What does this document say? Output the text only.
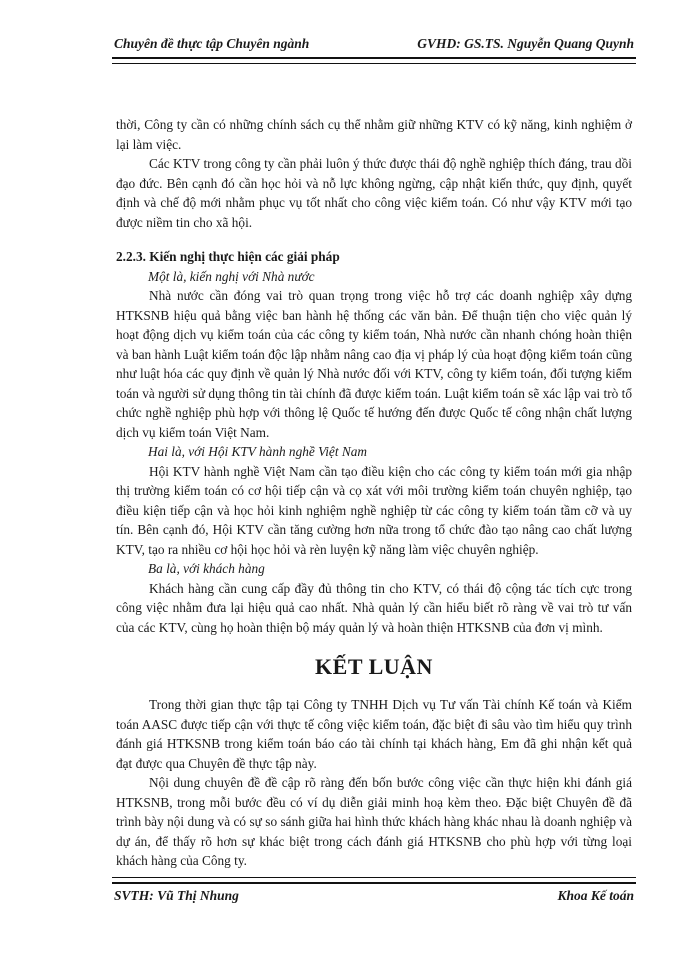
Chuyên đề thực tập Chuyên ngành	GVHD: GS.TS. Nguyễn Quang Quynh

thời, Công ty cần có những chính sách cụ thể nhằm giữ những KTV có kỹ năng, kinh nghiệm ở lại làm việc.

Các KTV trong công ty cần phải luôn ý thức được thái độ nghề nghiệp thích đáng, trau dồi đạo đức. Bên cạnh đó cần học hỏi và nỗ lực không ngừng, cập nhật kiến thức, quy định, quyết định và chế độ mới nhằm phục vụ tốt nhất cho công việc kiểm toán. Có như vậy KTV mới tạo được niềm tin cho xã hội.

2.2.3. Kiến nghị thực hiện các giải pháp

Một là, kiến nghị với Nhà nước

Nhà nước cần đóng vai trò quan trọng trong việc hỗ trợ các doanh nghiệp xây dựng HTKSNB hiệu quả bằng việc ban hành hệ thống các văn bản. Để thuận tiện cho việc quản lý hoạt động dịch vụ kiểm toán của các công ty kiểm toán, Nhà nước cần nhanh chóng hoàn thiện và ban hành Luật kiểm toán độc lập nhằm nâng cao địa vị pháp lý của hoạt động kiểm toán cũng như luật hóa các quy định về quản lý Nhà nước đối với KTV, công ty kiểm toán, đối tượng kiểm toán và người sử dụng thông tin tài chính đã được kiểm toán. Luật kiểm toán sẽ xác lập vai trò tổ chức nghề nghiệp phù hợp với thông lệ Quốc tế hướng đến được Quốc tế công nhận chất lượng dịch vụ kiểm toán Việt Nam.

Hai là, với Hội KTV hành nghề Việt Nam

Hội KTV hành nghề Việt Nam cần tạo điều kiện cho các công ty kiểm toán mới gia nhập thị trường kiểm toán có cơ hội tiếp cận và cọ xát với môi trường kiểm toán chuyên nghiệp, tạo điều kiện tiếp cận và học hỏi kinh nghiệm nghề nghiệp từ các công ty kiểm toán tầm cỡ và uy tín. Bên cạnh đó, Hội KTV cần tăng cường hơn nữa trong tổ chức đào tạo nâng cao chất lượng KTV, tạo ra nhiều cơ hội học hỏi và rèn luyện kỹ năng làm việc chuyên nghiệp.

Ba là, với khách hàng

Khách hàng cần cung cấp đầy đủ thông tin cho KTV, có thái độ cộng tác tích cực trong công việc nhằm đưa lại hiệu quả cao nhất. Nhà quản lý cần hiểu biết rõ ràng về vai trò tư vấn của các KTV, cùng họ hoàn thiện bộ máy quản lý và hoàn thiện HTKSNB của đơn vị mình.

KẾT LUẬN

Trong thời gian thực tập tại Công ty TNHH Dịch vụ Tư vấn Tài chính Kế toán và Kiểm toán AASC được tiếp cận với thực tế công việc kiểm toán, đặc biệt đi sâu vào tìm hiểu quy trình đánh giá HTKSNB trong kiểm toán báo cáo tài chính tại khách hàng, Em đã ghi nhận kết quả đạt được qua Chuyên đề thực tập này.

Nội dung chuyên đề đề cập rõ ràng đến bốn bước công việc cần thực hiện khi đánh giá HTKSNB, trong mỗi bước đều có ví dụ diễn giải minh hoạ kèm theo. Đặc biệt Chuyên đề đã trình bày nội dung và có sự so sánh giữa hai hình thức khách hàng khác nhau là doanh nghiệp và dự án, để thấy rõ hơn sự khác biệt trong cách đánh giá HTKSNB cho phù hợp với từng loại khách hàng của Công ty.

SVTH: Vũ Thị Nhung	Khoa Kế toán
